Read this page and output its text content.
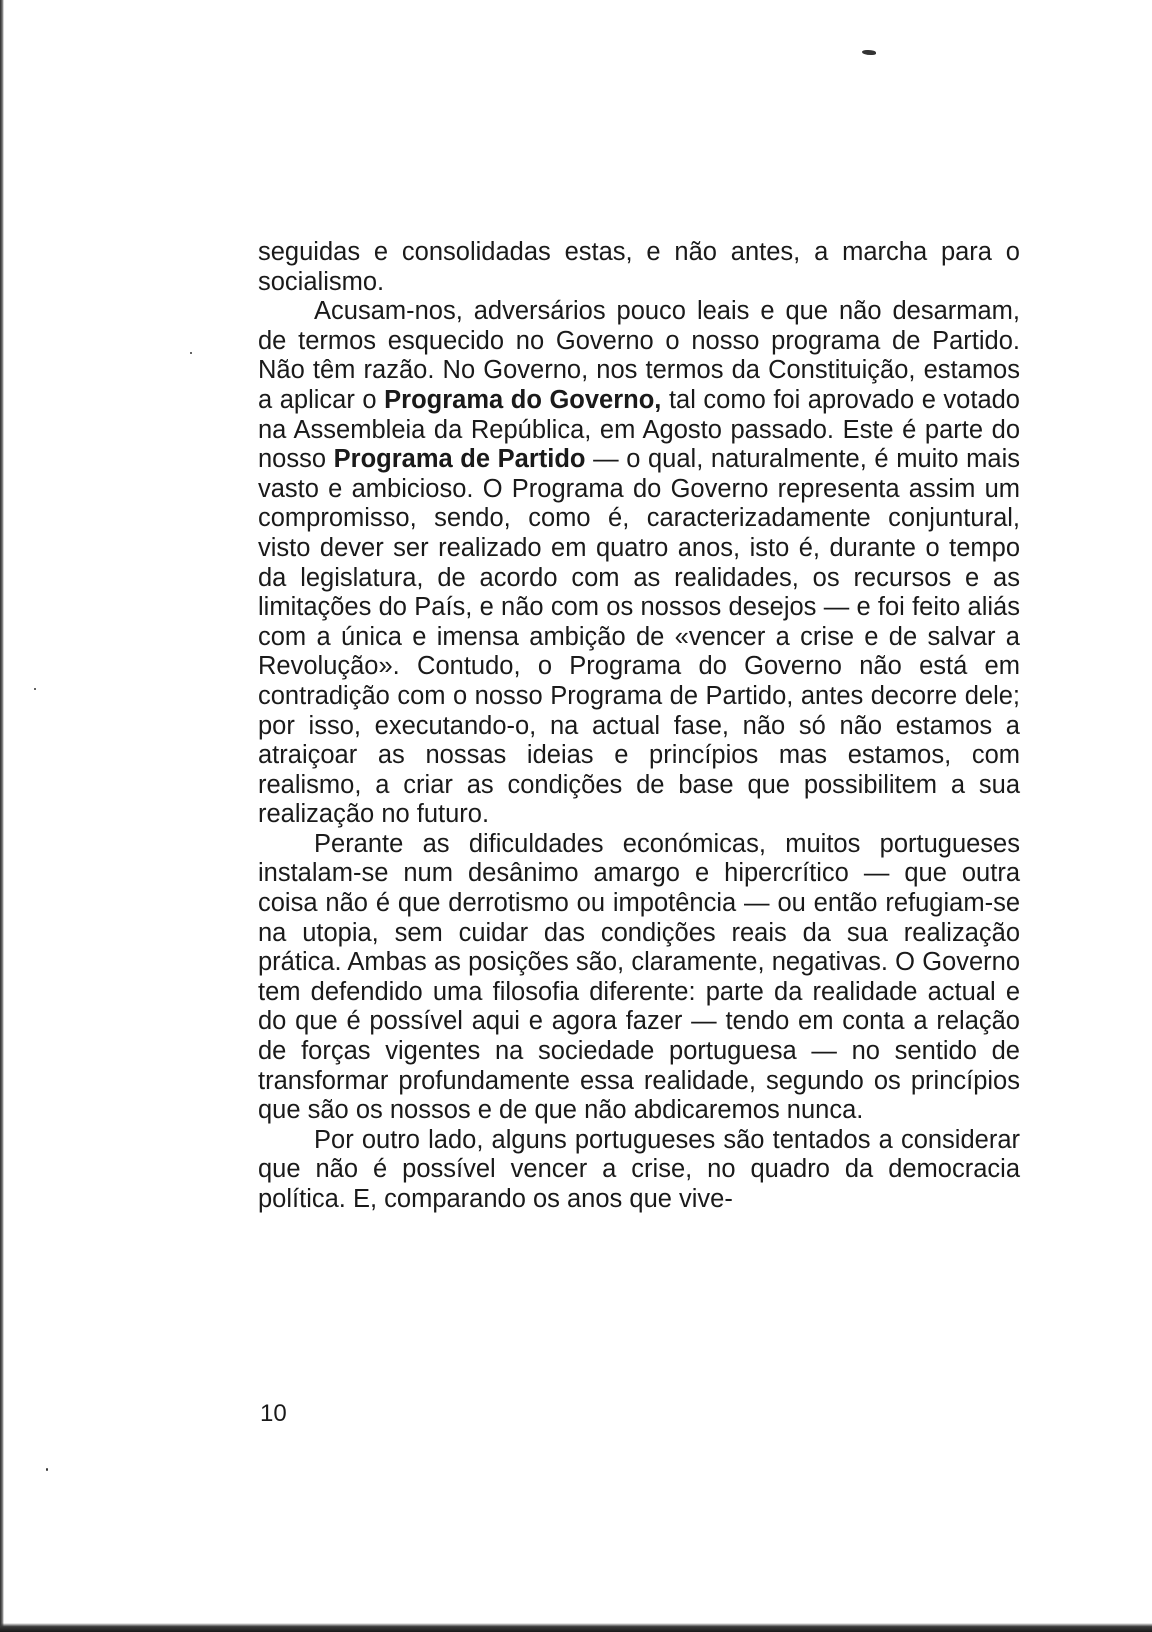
seguidas e consolidadas estas, e não antes, a marcha para o socialismo.

Acusam-nos, adversários pouco leais e que não desarmam, de termos esquecido no Governo o nosso programa de Partido. Não têm razão. No Governo, nos termos da Constituição, estamos a aplicar o Programa do Governo, tal como foi aprovado e votado na Assembleia da República, em Agosto passado. Este é parte do nosso Programa de Partido — o qual, naturalmente, é muito mais vasto e ambicioso. O Programa do Governo representa assim um compromisso, sendo, como é, caracterizadamente conjuntural, visto dever ser realizado em quatro anos, isto é, durante o tempo da legislatura, de acordo com as realidades, os recursos e as limitações do País, e não com os nossos desejos — e foi feito aliás com a única e imensa ambição de «vencer a crise e de salvar a Revolução». Contudo, o Programa do Governo não está em contradição com o nosso Programa de Partido, antes decorre dele; por isso, executando-o, na actual fase, não só não estamos a atraiçoar as nossas ideias e princípios mas estamos, com realismo, a criar as condições de base que possibilitem a sua realização no futuro.

Perante as dificuldades económicas, muitos portugueses instalam-se num desânimo amargo e hipercrítico — que outra coisa não é que derrotismo ou impotência — ou então refugiam-se na utopia, sem cuidar das condições reais da sua realização prática. Ambas as posições são, claramente, negativas. O Governo tem defendido uma filosofia diferente: parte da realidade actual e do que é possível aqui e agora fazer — tendo em conta a relação de forças vigentes na sociedade portuguesa — no sentido de transformar profundamente essa realidade, segundo os princípios que são os nossos e de que não abdicaremos nunca.

Por outro lado, alguns portugueses são tentados a considerar que não é possível vencer a crise, no quadro da democracia política. E, comparando os anos que vive-

10
